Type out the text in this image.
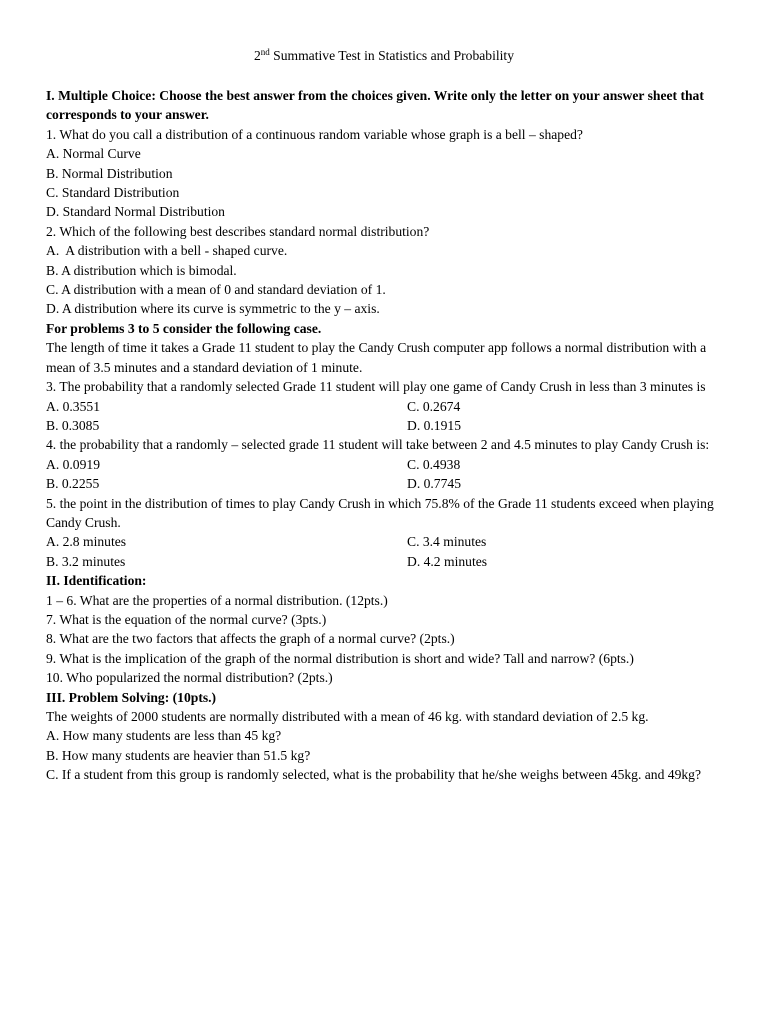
2nd Summative Test in Statistics and Probability
I. Multiple Choice: Choose the best answer from the choices given. Write only the letter on your answer sheet that corresponds to your answer.
1. What do you call a distribution of a continuous random variable whose graph is a bell – shaped?
A. Normal Curve
B. Normal Distribution
C. Standard Distribution
D. Standard Normal Distribution
2. Which of the following best describes standard normal distribution?
A.  A distribution with a bell - shaped curve.
B. A distribution which is bimodal.
C. A distribution with a mean of 0 and standard deviation of 1.
D. A distribution where its curve is symmetric to the y – axis.
For problems 3 to 5 consider the following case.
The length of time it takes a Grade 11 student to play the Candy Crush computer app follows a normal distribution with a mean of 3.5 minutes and a standard deviation of 1 minute.
3. The probability that a randomly selected Grade 11 student will play one game of Candy Crush in less than 3 minutes is
A. 0.3551	C. 0.2674
B. 0.3085	D. 0.1915
4. the probability that a randomly – selected grade 11 student will take between 2 and 4.5 minutes to play Candy Crush is:
A. 0.0919	C. 0.4938
B. 0.2255	D. 0.7745
5. the point in the distribution of times to play Candy Crush in which 75.8% of the Grade 11 students exceed when playing Candy Crush.
A. 2.8 minutes	C. 3.4 minutes
B. 3.2 minutes	D. 4.2 minutes
II. Identification:
1 – 6. What are the properties of a normal distribution. (12pts.)
7. What is the equation of the normal curve? (3pts.)
8. What are the two factors that affects the graph of a normal curve? (2pts.)
9. What is the implication of the graph of the normal distribution is short and wide? Tall and narrow? (6pts.)
10. Who popularized the normal distribution? (2pts.)
III. Problem Solving: (10pts.)
The weights of 2000 students are normally distributed with a mean of 46 kg. with standard deviation of 2.5 kg.
A. How many students are less than 45 kg?
B. How many students are heavier than 51.5 kg?
C. If a student from this group is randomly selected, what is the probability that he/she weighs between 45kg. and 49kg?
